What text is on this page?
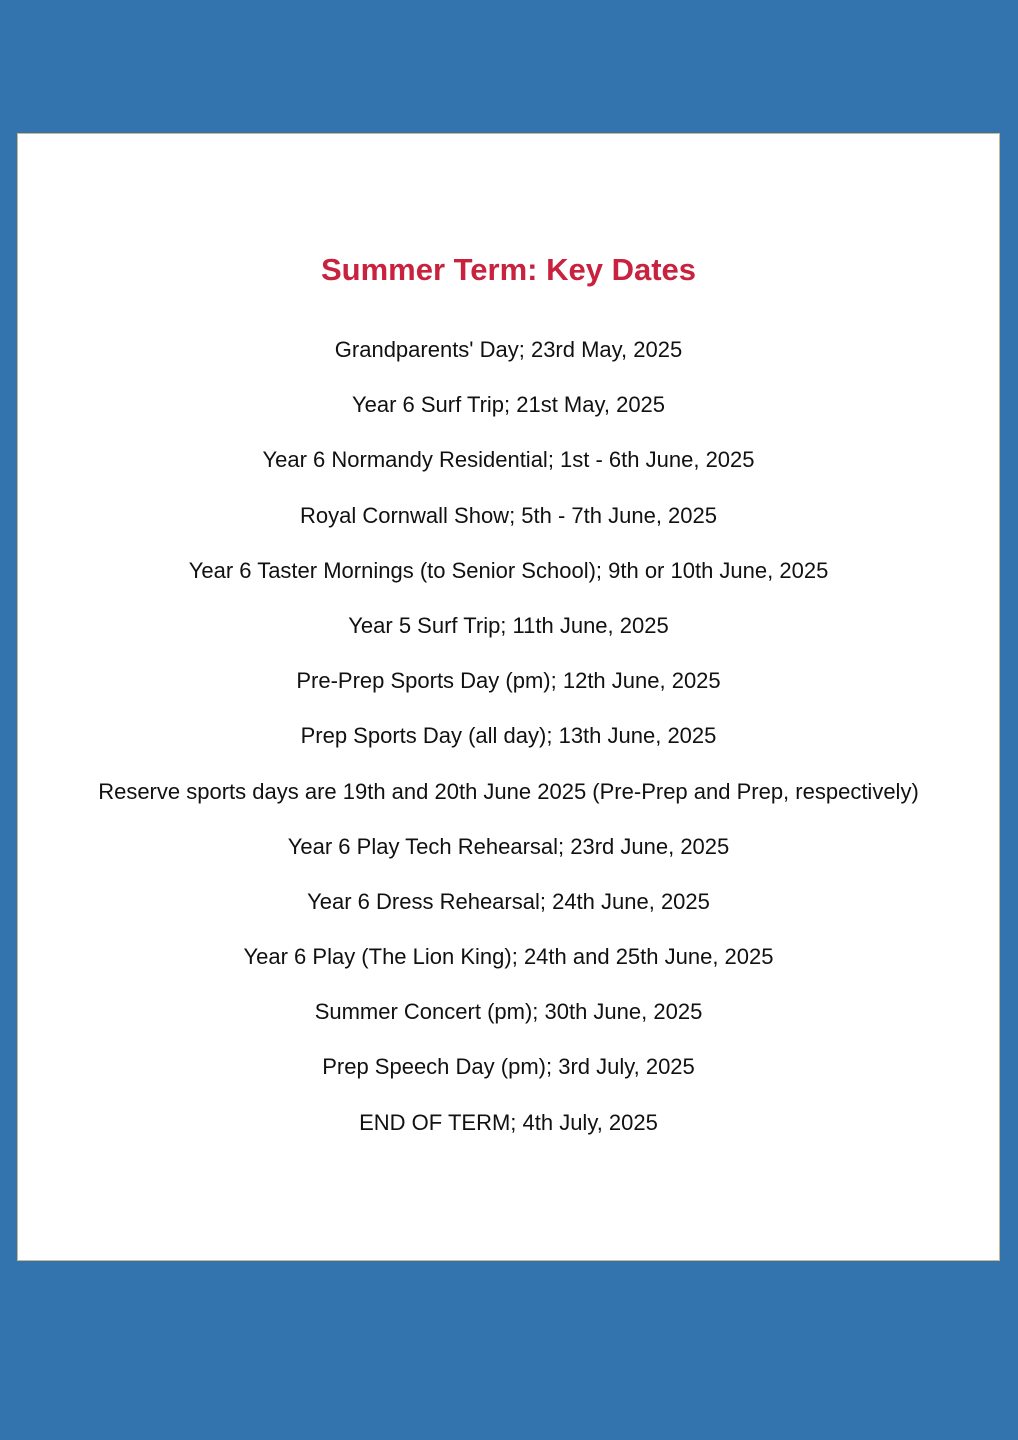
Summer Term: Key Dates
Grandparents' Day; 23rd May, 2025
Year 6 Surf Trip; 21st May, 2025
Year 6 Normandy Residential; 1st - 6th June, 2025
Royal Cornwall Show; 5th - 7th June, 2025
Year 6 Taster Mornings (to Senior School); 9th or 10th June, 2025
Year 5 Surf Trip; 11th June, 2025
Pre-Prep Sports Day (pm); 12th June, 2025
Prep Sports Day (all day); 13th June, 2025
Reserve sports days are 19th and 20th June 2025 (Pre-Prep and Prep, respectively)
Year 6 Play Tech Rehearsal; 23rd June, 2025
Year 6 Dress Rehearsal; 24th June, 2025
Year 6 Play (The Lion King); 24th and 25th June, 2025
Summer Concert (pm); 30th June, 2025
Prep Speech Day (pm); 3rd July, 2025
END OF TERM; 4th July, 2025
